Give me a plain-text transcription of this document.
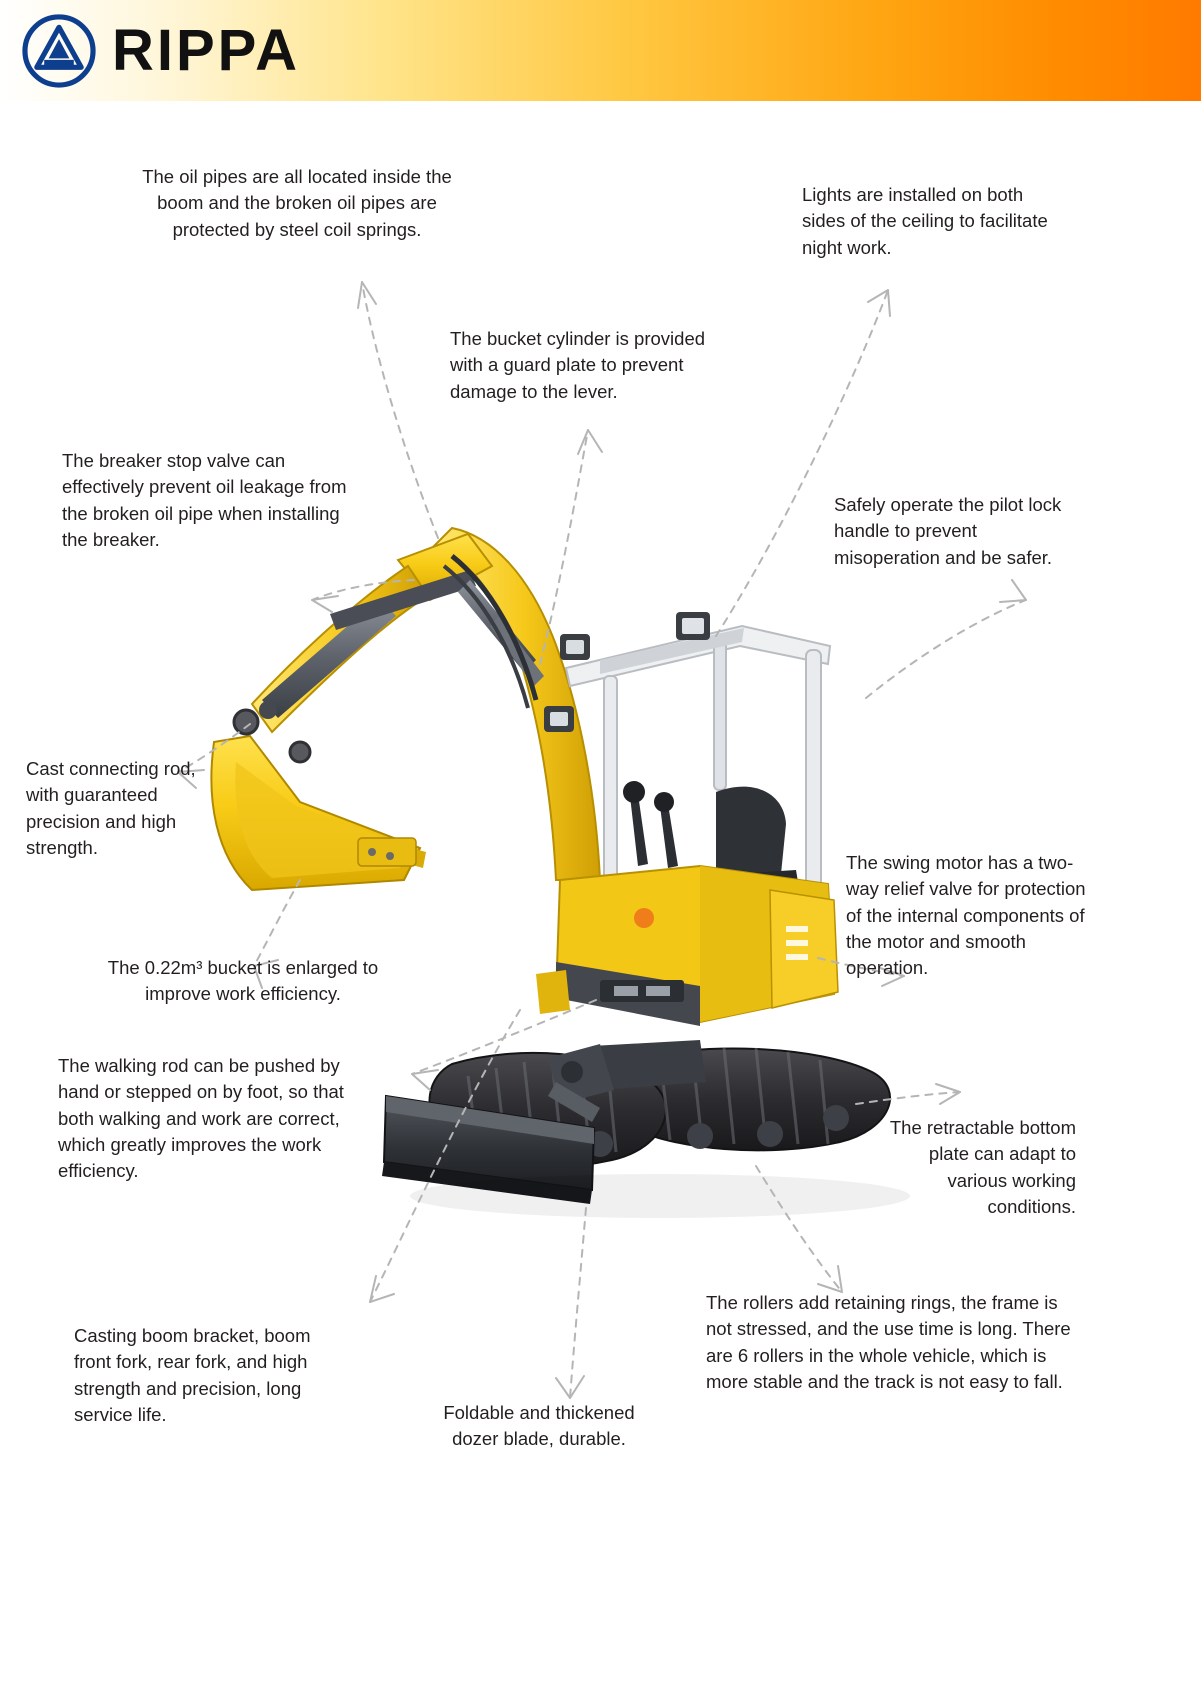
RIPPA
The oil pipes are all located inside the boom and the broken oil pipes are protected by steel coil springs.
Lights are installed on both sides of the ceiling to facilitate night work.
The bucket cylinder is provided with a guard plate to prevent damage to the lever.
The breaker stop valve can effectively prevent oil leakage from the broken oil pipe when installing the breaker.
Safely operate the pilot lock handle to prevent misoperation and be safer.
Cast connecting rod, with guaranteed precision and high strength.
The swing motor has a two-way relief valve for protection of the internal components of the motor and smooth operation.
The 0.22m³ bucket is enlarged to improve work efficiency.
The walking rod can be pushed by hand or stepped on by foot, so that both walking and work are correct, which greatly improves the work efficiency.
The retractable bottom plate can adapt to various working conditions.
Casting boom bracket, boom front fork, rear fork, and high strength and precision, long service life.	Foldable and thickened dozer blade, durable.
The rollers add retaining rings, the frame is not stressed, and the use time is long. There are 6 rollers in the whole vehicle, which is more stable and the track is not easy to fall.
